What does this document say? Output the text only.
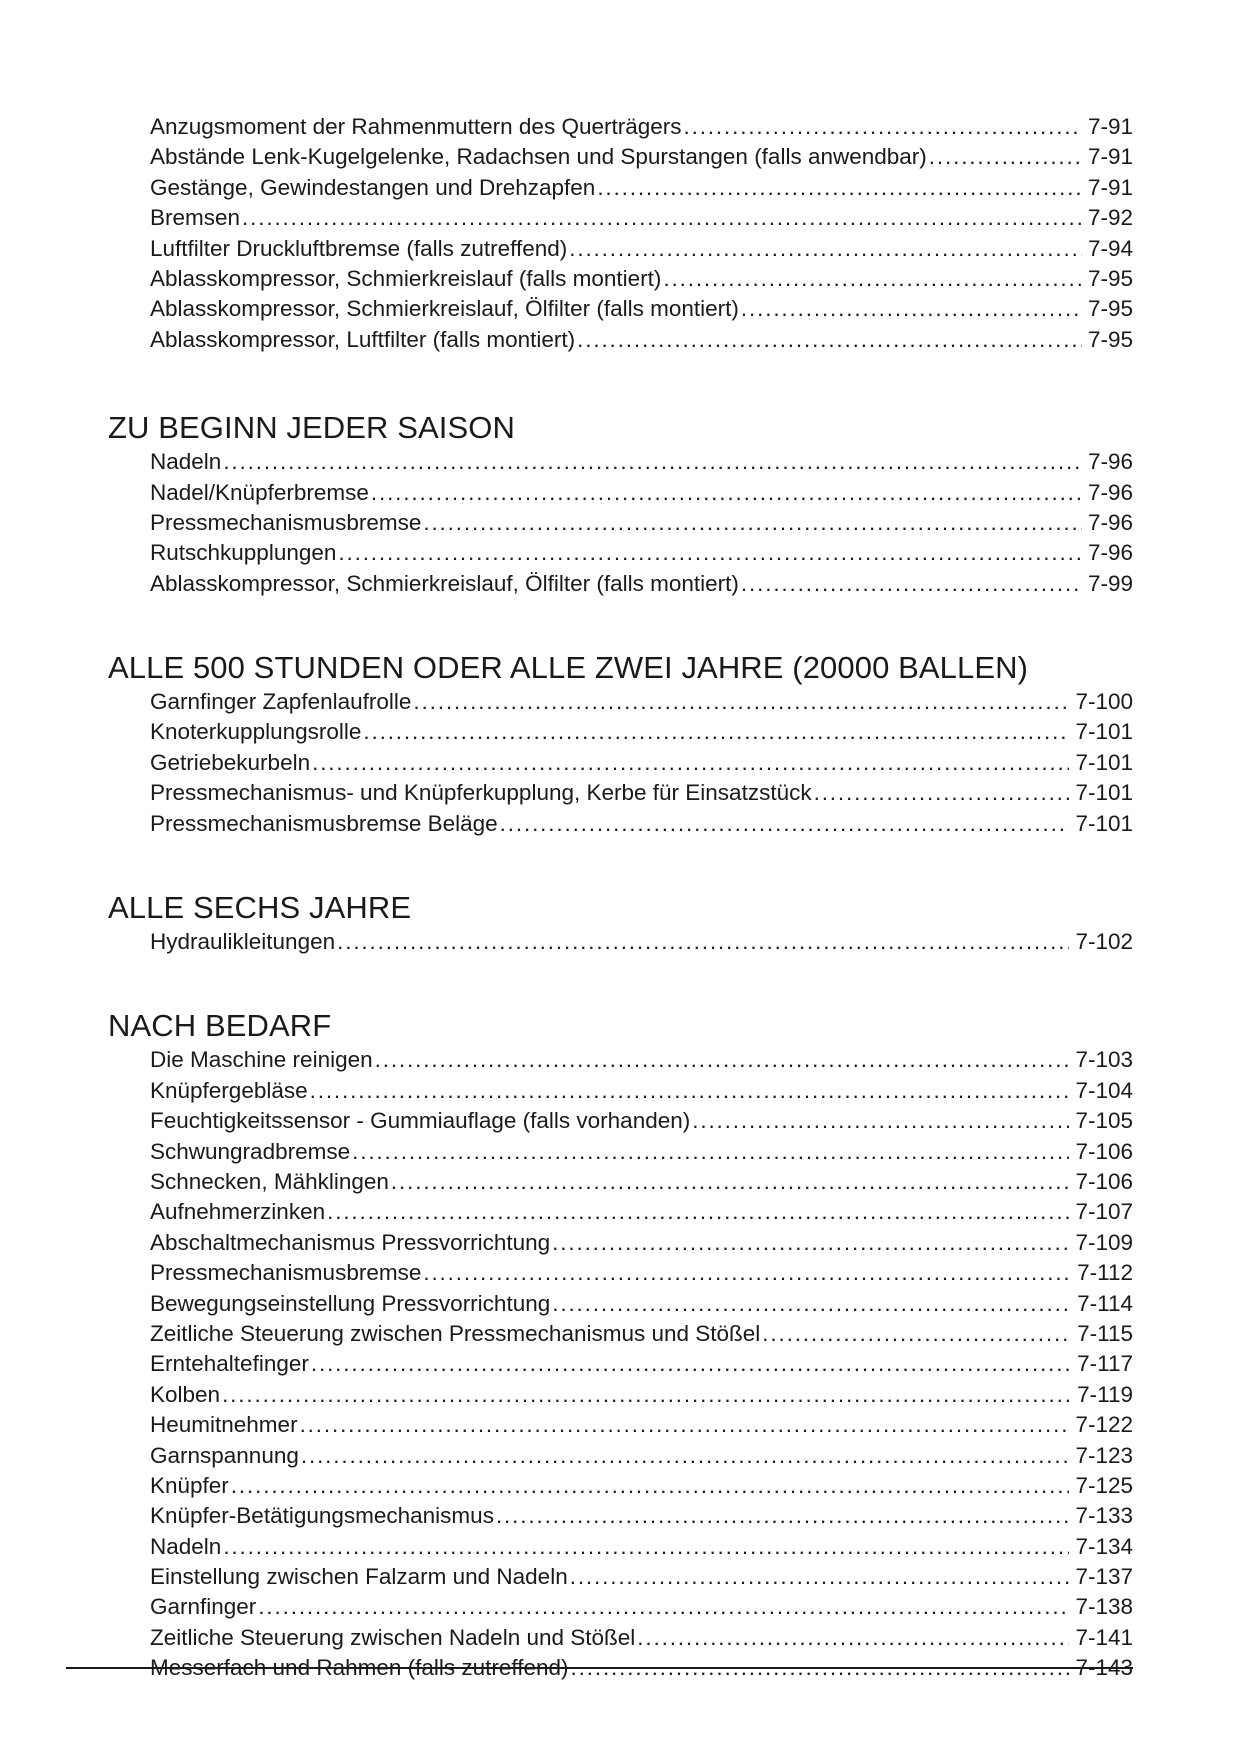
Anzugsmoment der Rahmenmuttern des Querträgers . . .	7-91
Abstände Lenk-Kugelgelenke, Radachsen und Spurstangen (falls anwendbar) . . .	7-91
Gestänge, Gewindestangen und Drehzapfen . . .	7-91
Bremsen . . .	7-92
Luftfilter Druckluftbremse (falls zutreffend) . . .	7-94
Ablasskompressor, Schmierkreislauf (falls montiert) . . .	7-95
Ablasskompressor, Schmierkreislauf, Ölfilter (falls montiert) . . .	7-95
Ablasskompressor, Luftfilter (falls montiert) . . .	7-95
ZU BEGINN JEDER SAISON
Nadeln . . .	7-96
Nadel/Knüpferbremse . . .	7-96
Pressmechanismusbremse . . .	7-96
Rutschkupplungen . . .	7-96
Ablasskompressor, Schmierkreislauf, Ölfilter (falls montiert) . . .	7-99
ALLE 500 STUNDEN ODER ALLE ZWEI JAHRE (20000 BALLEN)
Garnfinger Zapfenlaufrolle . . .	7-100
Knoterkupplungsrolle . . .	7-101
Getriebekurbeln . . .	7-101
Pressmechanismus- und Knüpferkupplung, Kerbe für Einsatzstück . . .	7-101
Pressmechanismusbremse Beläge . . .	7-101
ALLE SECHS JAHRE
Hydraulikleitungen . . .	7-102
NACH BEDARF
Die Maschine reinigen . . .	7-103
Knüpfergebläse . . .	7-104
Feuchtigkeitssensor - Gummiauflage (falls vorhanden) . . .	7-105
Schwungradbremse . . .	7-106
Schnecken, Mähklingen . . .	7-106
Aufnehmerzinken . . .	7-107
Abschaltmechanismus Pressvorrichtung . . .	7-109
Pressmechanismusbremse . . .	7-112
Bewegungseinstellung Pressvorrichtung . . .	7-114
Zeitliche Steuerung zwischen Pressmechanismus und Stößel . . .	7-115
Erntehaltefinger . . .	7-117
Kolben . . .	7-119
Heumitnehmer . . .	7-122
Garnspannung . . .	7-123
Knüpfer . . .	7-125
Knüpfer-Betätigungsmechanismus . . .	7-133
Nadeln . . .	7-134
Einstellung zwischen Falzarm und Nadeln . . .	7-137
Garnfinger . . .	7-138
Zeitliche Steuerung zwischen Nadeln und Stößel . . .	7-141
Messerfach und Rahmen (falls zutreffend) . . .	7-143
